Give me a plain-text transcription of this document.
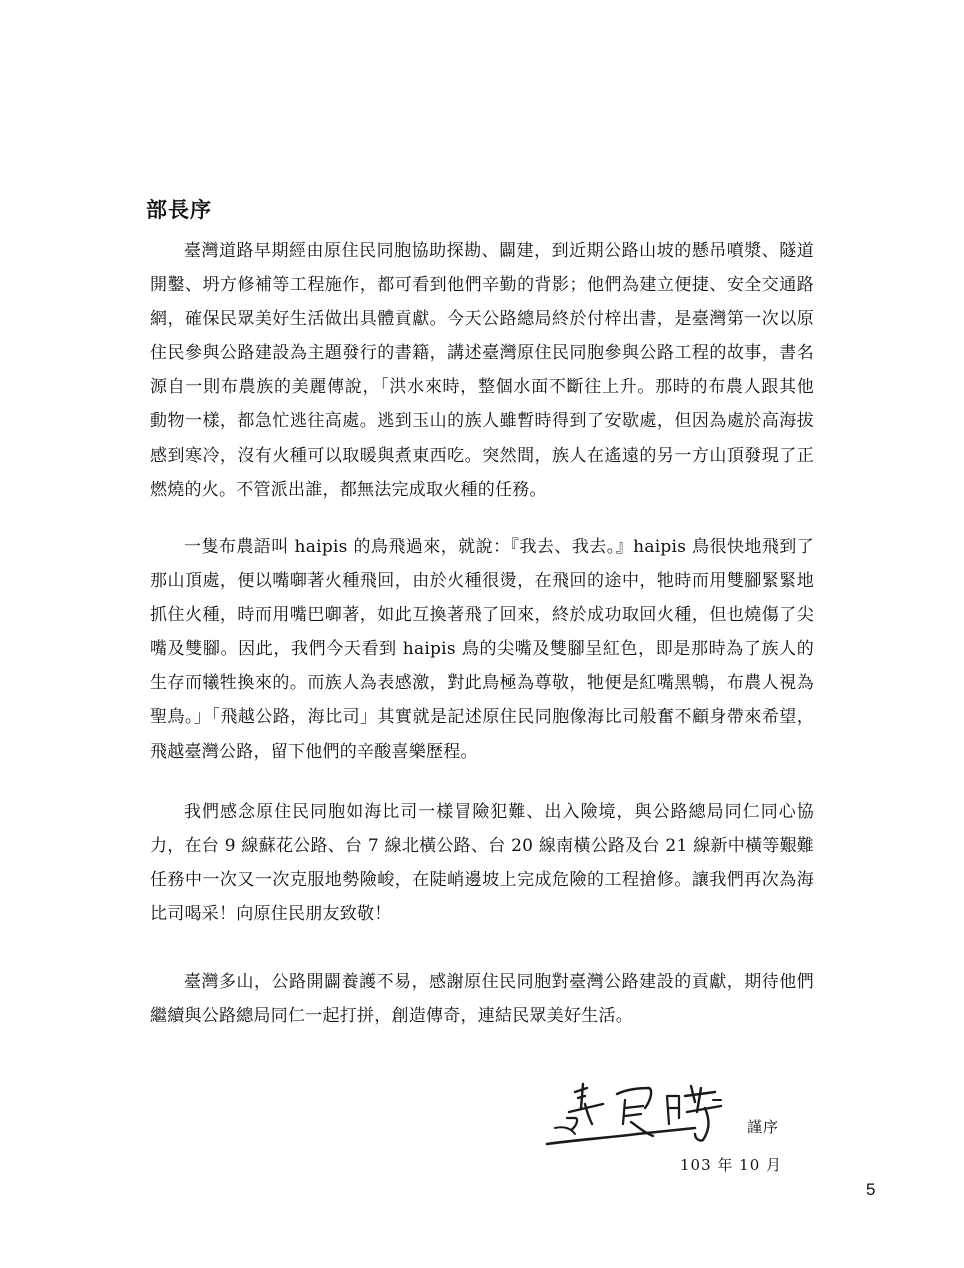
部長序

臺灣道路早期經由原住民同胞協助探勘、闢建，到近期公路山坡的懸吊噴漿、隧道開鑿、坍方修補等工程施作，都可看到他們辛勤的背影；他們為建立便捷、安全交通路網，確保民眾美好生活做出具體貢獻。今天公路總局終於付梓出書，是臺灣第一次以原住民參與公路建設為主題發行的書籍，講述臺灣原住民同胞參與公路工程的故事，書名源自一則布農族的美麗傳說，「洪水來時，整個水面不斷往上升。那時的布農人跟其他動物一樣，都急忙逃往高處。逃到玉山的族人雖暫時得到了安歇處，但因為處於高海拔感到寒冷，沒有火種可以取暖與煮東西吃。突然間，族人在遙遠的另一方山頂發現了正燃燒的火。不管派出誰，都無法完成取火種的任務。

一隻布農語叫 haipis 的鳥飛過來，就說：『我去、我去。』haipis 鳥很快地飛到了那山頂處，便以嘴啣著火種飛回，由於火種很燙，在飛回的途中，牠時而用雙腳緊緊地抓住火種，時而用嘴巴啣著，如此互換著飛了回來，終於成功取回火種，但也燒傷了尖嘴及雙腳。因此，我們今天看到 haipis 鳥的尖嘴及雙腳呈紅色，即是那時為了族人的生存而犧牲換來的。而族人為表感激，對此鳥極為尊敬，牠便是紅嘴黑鵯，布農人視為聖鳥。」「飛越公路，海比司」其實就是記述原住民同胞像海比司般奮不顧身帶來希望，飛越臺灣公路，留下他們的辛酸喜樂歷程。

我們感念原住民同胞如海比司一樣冒險犯難、出入險境，與公路總局同仁同心協力，在台 9 線蘇花公路、台 7 線北橫公路、台 20 線南橫公路及台 21 線新中橫等艱難任務中一次又一次克服地勢險峻，在陡峭邊坡上完成危險的工程搶修。讓我們再次為海比司喝采！向原住民朋友致敬！

臺灣多山，公路開闢養護不易，感謝原住民同胞對臺灣公路建設的貢獻，期待他們繼續與公路總局同仁一起打拼，創造傳奇，連結民眾美好生活。

謹序
103 年 10 月
5
